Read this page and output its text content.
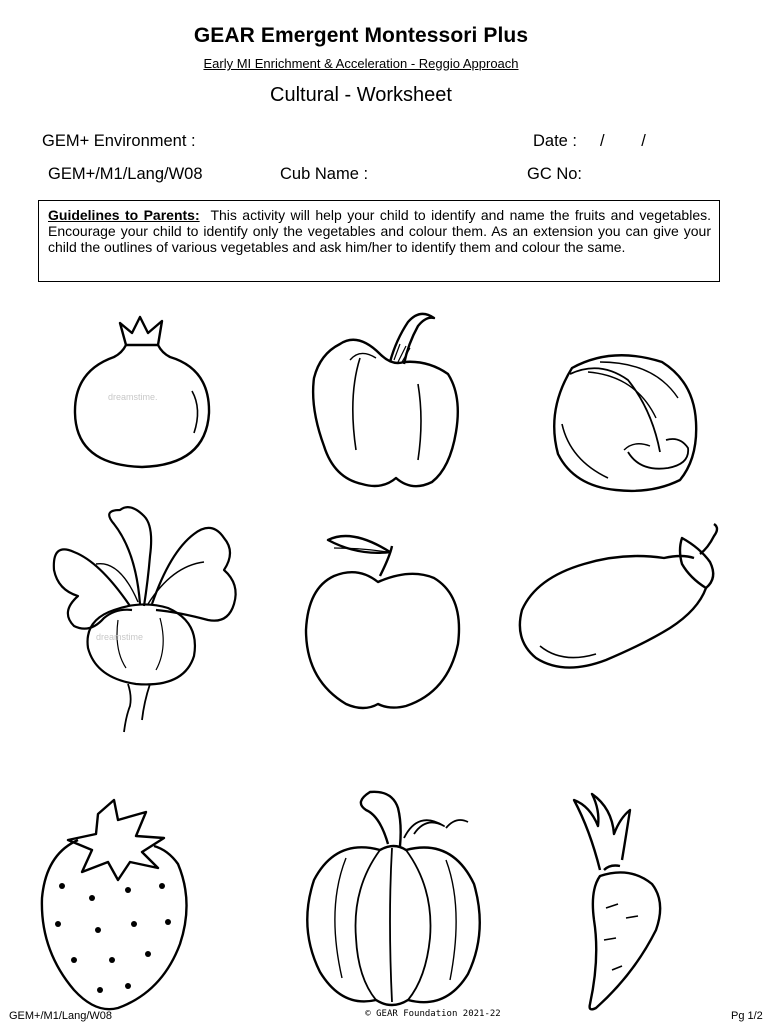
GEAR Emergent Montessori Plus
Early MI Enrichment & Acceleration - Reggio Approach
Cultural - Worksheet
GEM+ Environment :	Date :     /        /
GEM+/M1/Lang/W08	Cub Name :	GC No:
Guidelines to Parents: This activity will help your child to identify and name the fruits and vegetables. Encourage your child to identify only the vegetables and colour them. As an extension you can give your child the outlines of various vegetables and ask him/her to identify them and colour the same.
dreamstime.
dreamstime
GEM+/M1/Lang/W08	© GEAR Foundation 2021-22	Pg 1/2
